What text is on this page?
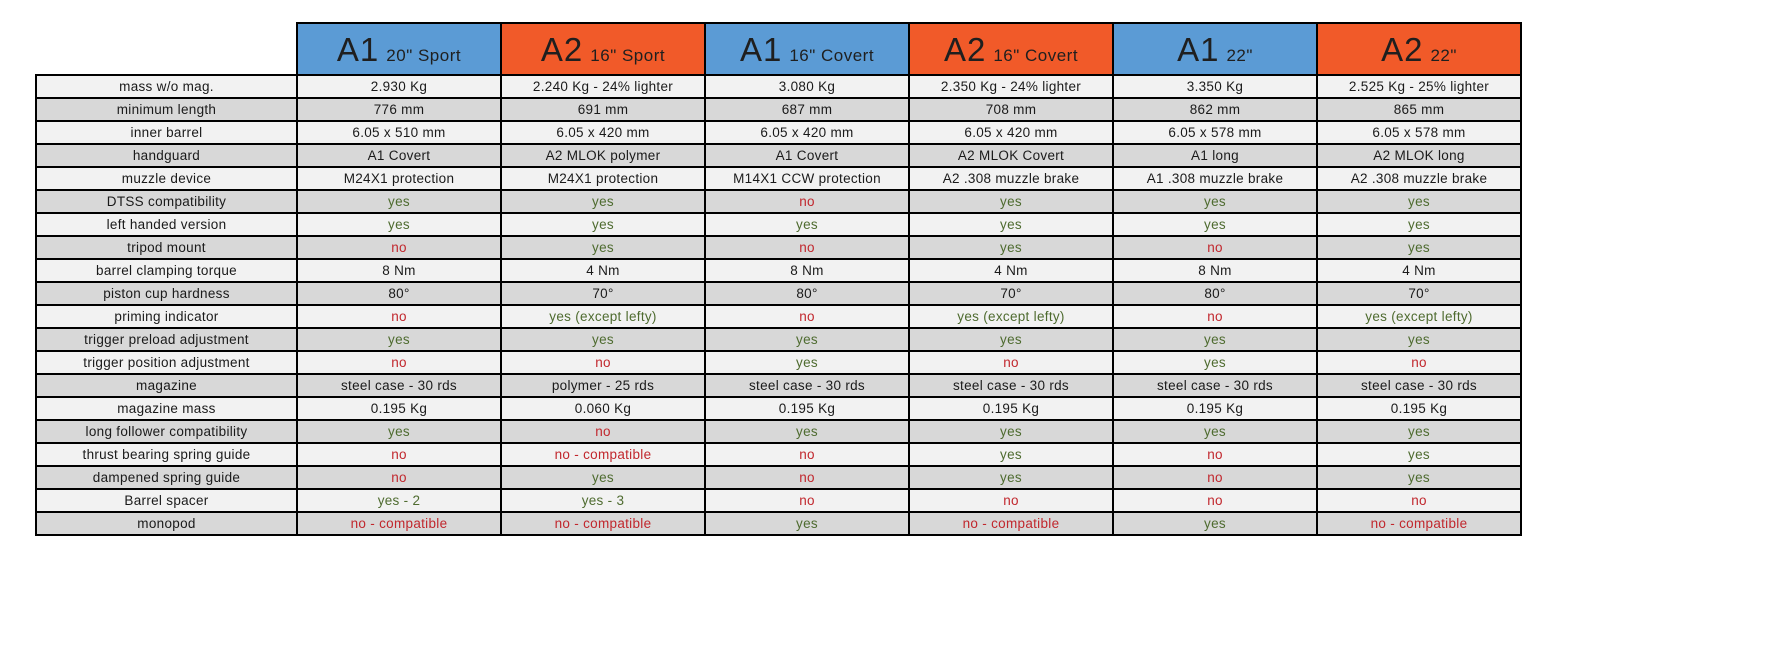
	A1 20" Sport	A2 16" Sport	A1 16" Covert	A2 16" Covert	A1 22"	A2 22"

mass w/o mag.	2.930 Kg	2.240 Kg - 24% lighter	3.080 Kg	2.350 Kg - 24% lighter	3.350 Kg	2.525 Kg - 25% lighter
minimum length	776 mm	691 mm	687 mm	708 mm	862 mm	865 mm
inner barrel	6.05 x 510 mm	6.05 x 420 mm	6.05 x 420 mm	6.05 x 420 mm	6.05 x 578 mm	6.05 x 578 mm
handguard	A1 Covert	A2 MLOK polymer	A1 Covert	A2 MLOK Covert	A1 long	A2 MLOK long
muzzle device	M24X1 protection	M24X1 protection	M14X1 CCW protection	A2 .308 muzzle brake	A1 .308 muzzle brake	A2 .308 muzzle brake
DTSS compatibility	yes	yes	no	yes	yes	yes
left handed version	yes	yes	yes	yes	yes	yes
tripod mount	no	yes	no	yes	no	yes
barrel clamping torque	8 Nm	4 Nm	8 Nm	4 Nm	8 Nm	4 Nm
piston cup hardness	80°	70°	80°	70°	80°	70°
priming indicator	no	yes (except lefty)	no	yes (except lefty)	no	yes (except lefty)
trigger preload adjustment	yes	yes	yes	yes	yes	yes
trigger position adjustment	no	no	yes	no	yes	no
magazine	steel case - 30 rds	polymer - 25 rds	steel case - 30 rds	steel case - 30 rds	steel case - 30 rds	steel case - 30 rds
magazine mass	0.195 Kg	0.060 Kg	0.195 Kg	0.195 Kg	0.195 Kg	0.195 Kg
long follower compatibility	yes	no	yes	yes	yes	yes
thrust bearing spring guide	no	no - compatible	no	yes	no	yes
dampened spring guide	no	yes	no	yes	no	yes
Barrel spacer	yes - 2	yes - 3	no	no	no	no
monopod	no - compatible	no - compatible	yes	no - compatible	yes	no - compatible
